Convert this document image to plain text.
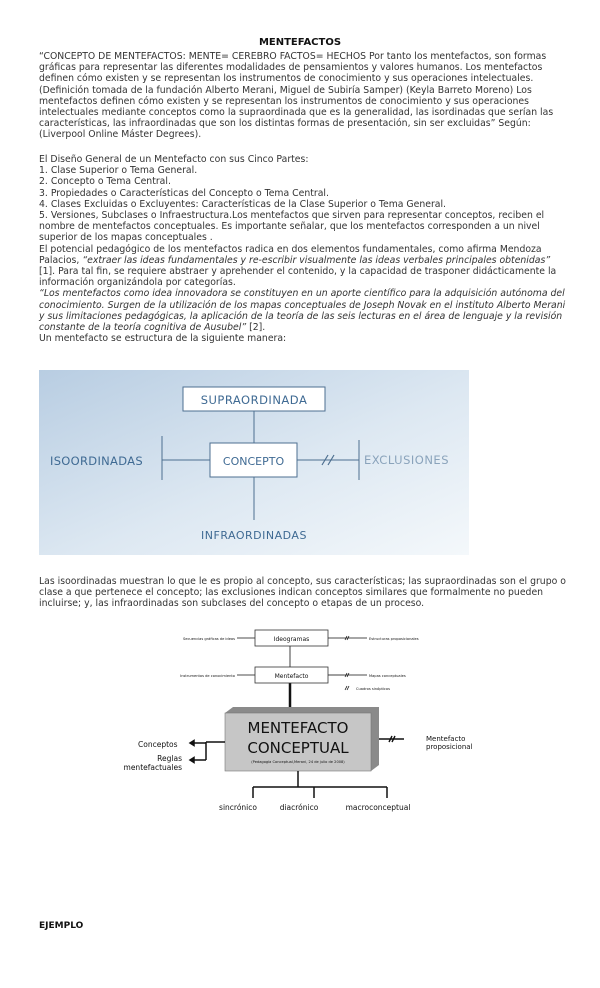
MENTEFACTOS

“CONCEPTO DE MENTEFACTOS: MENTE= CEREBRO FACTOS= HECHOS Por tanto los mentefactos, son formas gráficas para representar las diferentes modalidades de pensamientos y valores humanos. Los mentefactos definen cómo existen y se representan los instrumentos de conocimiento y sus operaciones intelectuales. (Definición tomada de la fundación Alberto Merani, Miguel de Subiría Samper) (Keyla Barreto Moreno) Los mentefactos definen cómo existen y se representan los instrumentos de conocimiento y sus operaciones intelectuales mediante conceptos como la supraordinada que es la generalidad, las isordinadas que serían las características, las infraordinadas que son los distintas formas de presentación, sin ser excluidas” Según: (Liverpool Online Máster Degrees).

El Diseño General de un Mentefacto con sus Cinco Partes:

1. Clase Superior o Tema General.

2. Concepto o Tema Central.

3. Propiedades o Características del Concepto o Tema Central.

4. Clases Excluidas o Excluyentes: Características de la Clase Superior o Tema General.

5. Versiones, Subclases o Infraestructura.Los mentefactos que sirven para representar conceptos, reciben el nombre de mentefactos conceptuales. Es importante señalar, que los mentefactos corresponden a un nivel superior de los mapas conceptuales .

El potencial pedagógico de los mentefactos radica en dos elementos fundamentales, como afirma Mendoza Palacios, “extraer las ideas fundamentales y re-escribir visualmente las ideas verbales principales obtenidas” [1]. Para tal fin, se requiere abstraer y aprehender el contenido, y la capacidad de trasponer didácticamente la información organizándola por categorías.

“Los mentefactos como idea innovadora se constituyen en un aporte científico para la adquisición autónoma del conocimiento. Surgen de la utilización de los mapas conceptuales de Joseph Novak en el instituto Alberto Merani y sus limitaciones pedagógicas, la aplicación de la teoría de las seis lecturas en el área de lenguaje y la revisión constante de la teoría cognitiva de Ausubel” [2].

Un mentefacto se estructura de la siguiente manera:

SUPRAORDINADA
CONCEPTO
ISOORDINADAS	EXCLUSIONES
INFRAORDINADAS

Las isoordinadas muestran lo que le es propio al concepto, sus características; las supraordinadas son el grupo o clase a que pertenece el concepto; las exclusiones indican conceptos similares que formalmente no pueden incluirse; y, las infraordinadas son subclases del concepto o etapas de un proceso.

Ideogramas
Secuencias gráficas de ideas	Estructuras proposicionales
Mentefacto
Instrumentos de conocimiento	Mapas conceptuales
Cuadros sinópticos
MENTEFACTO
CONCEPTUAL
(Pedagogía Conceptual,Merani, 24 de julio de 2008)
Conceptos
Reglas
mentefactuales
Mentefacto
proposicional
sincrónico	diacrónico	macroconceptual

EJEMPLO
